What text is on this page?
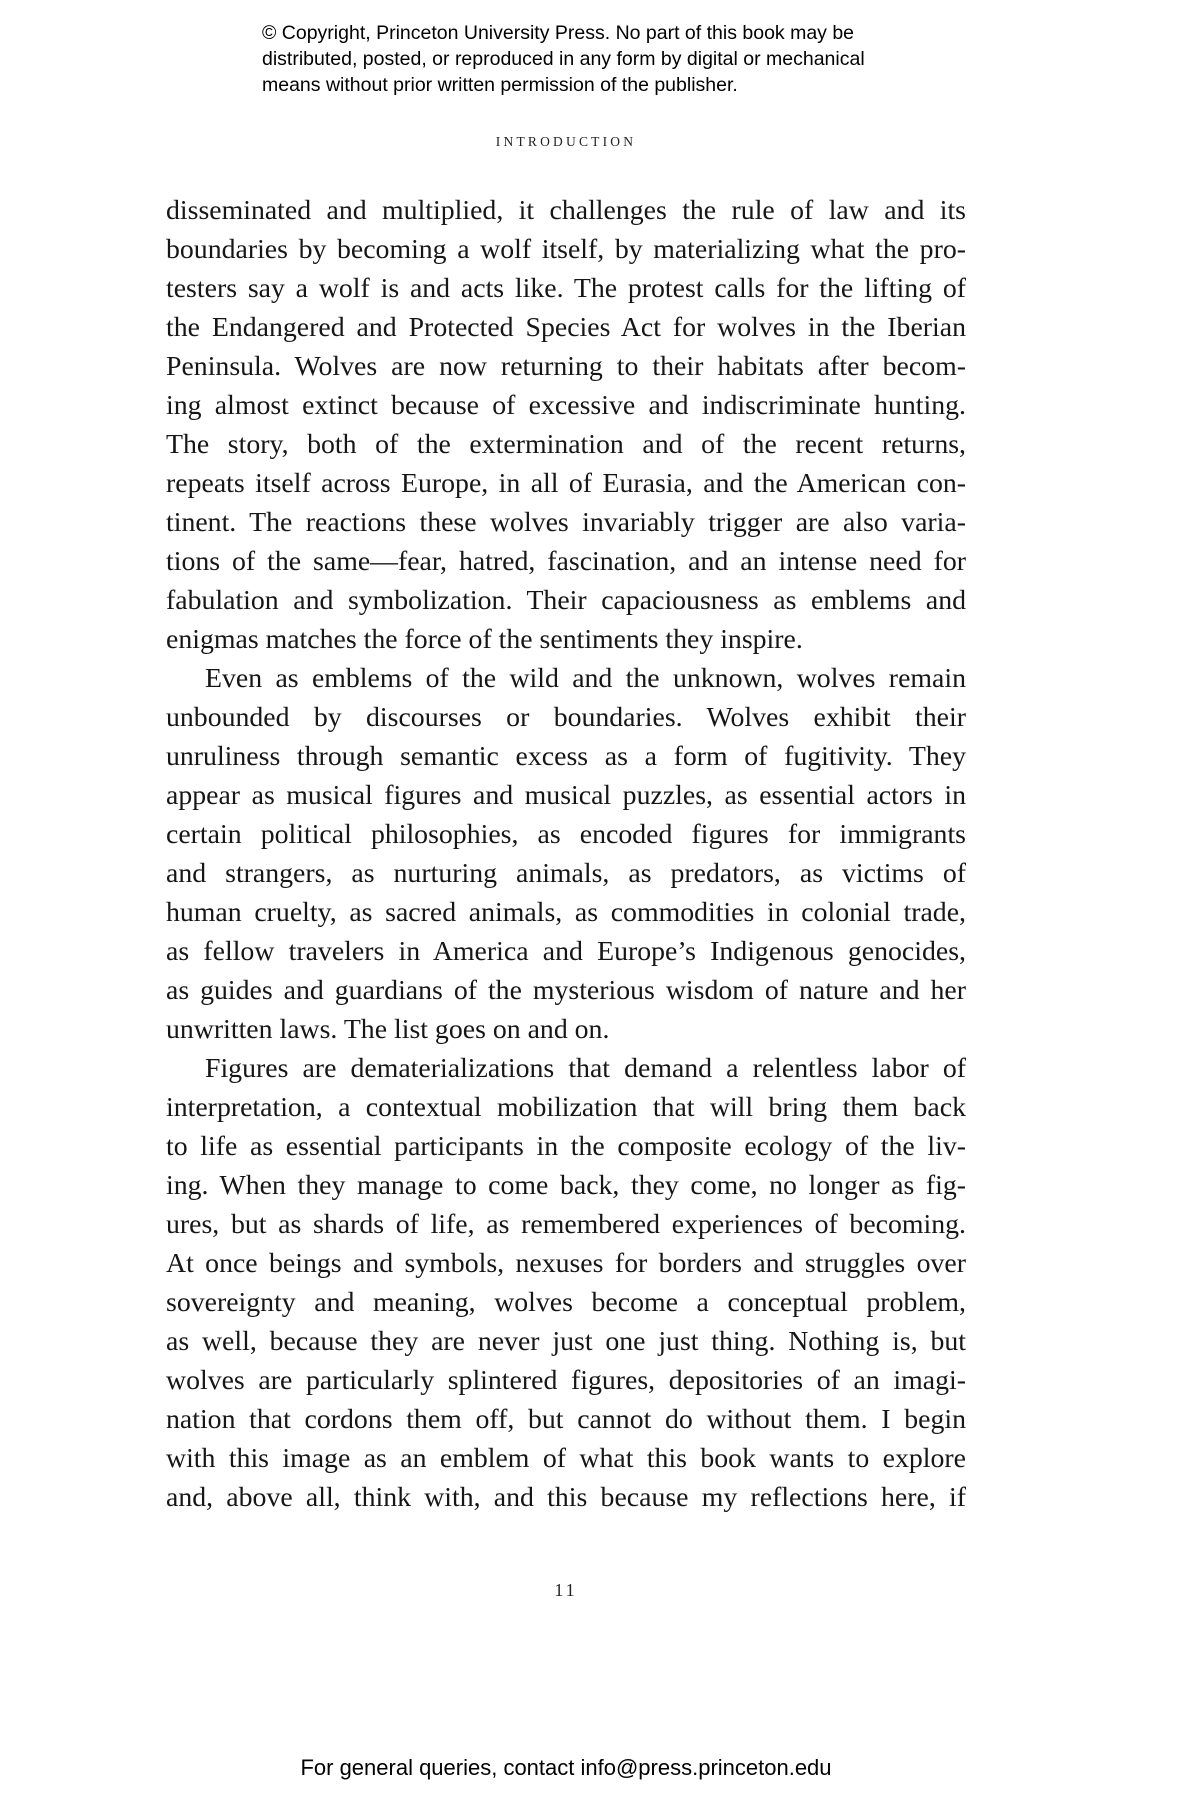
© Copyright, Princeton University Press. No part of this book may be
distributed, posted, or reproduced in any form by digital or mechanical
means without prior written permission of the publisher.
INTRODUCTION
disseminated and multiplied, it challenges the rule of law and its
boundaries by becoming a wolf itself, by materializing what the pro-
testers say a wolf is and acts like. The protest calls for the lifting of
the Endangered and Protected Species Act for wolves in the Iberian
Peninsula. Wolves are now returning to their habitats after becom-
ing almost extinct because of excessive and indiscriminate hunting.
The story, both of the extermination and of the recent returns,
repeats itself across Europe, in all of Eurasia, and the American con-
tinent. The reactions these wolves invariably trigger are also varia-
tions of the same—fear, hatred, fascination, and an intense need for
fabulation and symbolization. Their capaciousness as emblems and
enigmas matches the force of the sentiments they inspire.
Even as emblems of the wild and the unknown, wolves remain
unbounded by discourses or boundaries. Wolves exhibit their
unruliness through semantic excess as a form of fugitivity. They
appear as musical figures and musical puzzles, as essential actors in
certain political philosophies, as encoded figures for immigrants
and strangers, as nurturing animals, as predators, as victims of
human cruelty, as sacred animals, as commodities in colonial trade,
as fellow travelers in America and Europe’s Indigenous genocides,
as guides and guardians of the mysterious wisdom of nature and her
unwritten laws. The list goes on and on.
Figures are dematerializations that demand a relentless labor of
interpretation, a contextual mobilization that will bring them back
to life as essential participants in the composite ecology of the liv-
ing. When they manage to come back, they come, no longer as fig-
ures, but as shards of life, as remembered experiences of becoming.
At once beings and symbols, nexuses for borders and struggles over
sovereignty and meaning, wolves become a conceptual problem,
as well, because they are never just one just thing. Nothing is, but
wolves are particularly splintered figures, depositories of an imagi-
nation that cordons them off, but cannot do without them. I begin
with this image as an emblem of what this book wants to explore
and, above all, think with, and this because my reflections here, if
11
For general queries, contact info@press.princeton.edu
